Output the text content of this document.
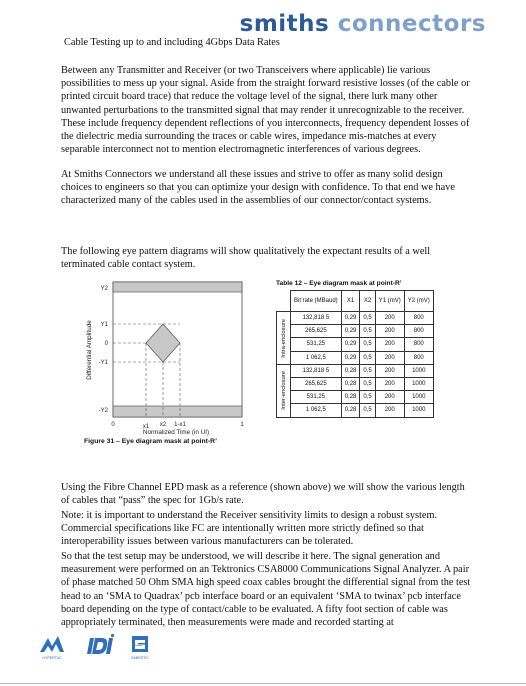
smiths connectors
Cable Testing up to and including 4Gbps Data Rates

Between any Transmitter and Receiver (or two Transceivers where applicable) lie various possibilities to mess up your signal. Aside from the straight forward resistive losses (of the cable or printed circuit board trace) that reduce the voltage level of the signal, there lurk many other unwanted perturbations to the transmitted signal that may render it unrecognizable to the receiver. These include frequency dependent reflections of you interconnects, frequency dependent losses of the dielectric media surrounding the traces or cable wires, impedance mis-matches at every separable interconnect not to mention electromagnetic interferences of various degrees.

At Smiths Connectors we understand all these issues and strive to offer as many solid design choices to engineers so that you can optimize your design with confidence. To that end we have characterized many of the cables used in the assemblies of our connector/contact systems.

The following eye pattern diagrams will show qualitatively the expectant results of a well terminated cable contact system.

Y2
Y1
0
-Y1
-Y2
0	x1 x2 1-x1	1
Normalized Time (in UI)
Differential Amplitude
Figure 31 – Eye diagram mask at point-R’

Table 12 – Eye diagram mask at point-R’

	Bit rate (MBaud)	X1	X2	Y1 (mV)	Y2 (mV)
Intra-enclosure	132,818 5	0,29	0,5	200	800
	265,625	0,29	0,5	200	800
	531,25	0,29	0,5	200	800
	1 062,5	0,29	0,5	200	800
Inter-enclosure	132,818 5	0,28	0,5	200	1000
	265,625	0,28	0,5	200	1000
	531,25	0,28	0,5	200	1000
	1 062,5	0,28	0,5	200	1000

Using the Fibre Channel EPD mask as a reference (shown above) we will show the various length of cables that “pass” the spec for 1Gb/s rate.

Note: it is important to understand the Receiver sensitivity limits to design a robust system. Commercial specifications like FC are intentionally written more strictly defined so that interoperability issues between various manufacturers can be tolerated.

So that the test setup may be understood, we will describe it here. The signal generation and measurement were performed on an Tektronics CSA8000 Communications Signal Analyzer. A pair of phase matched 50 Ohm SMA high speed coax cables brought the differential signal from the test head to an ‘SMA to Quadrax’ pcb interface board or an equivalent ‘SMA to twinax’ pcb interface board depending on the type of contact/cable to be evaluated. A fifty foot section of cable was appropriately terminated, then measurements were made and recorded starting at

HYPERTAC	SABRITEC
